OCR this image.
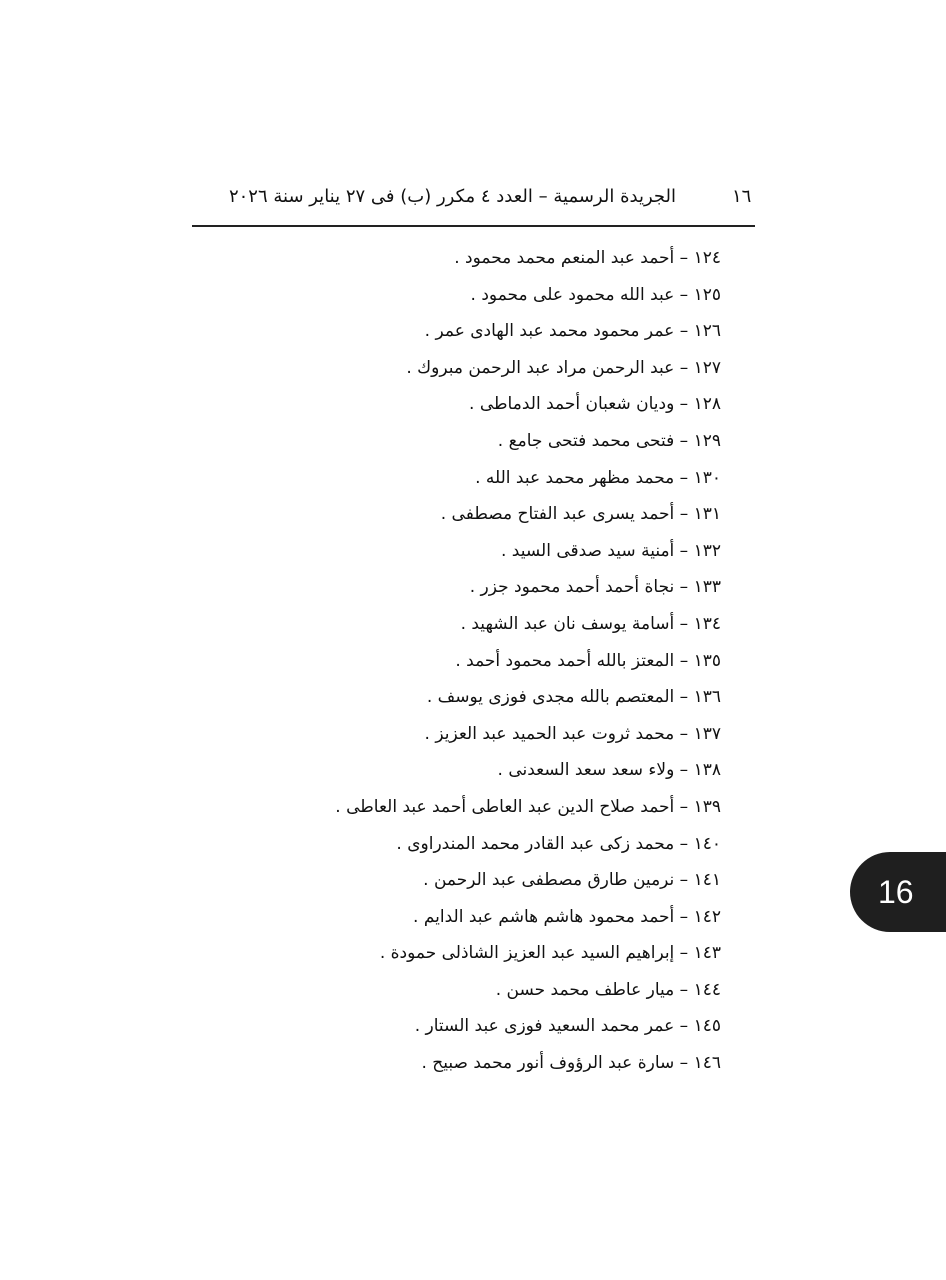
الجريدة الرسمية – العدد ٤ مكرر (ب) فى ٢٧ يناير سنة ٢٠٢٦	١٦
١٢٤ – أحمد عبد المنعم محمد محمود .
١٢٥ – عبد الله محمود على محمود .
١٢٦ – عمر محمود محمد عبد الهادى عمر .
١٢٧ – عبد الرحمن مراد عبد الرحمن مبروك .
١٢٨ – وديان شعبان أحمد الدماطى .
١٢٩ – فتحى محمد فتحى جامع .
١٣٠ – محمد مظهر محمد عبد الله .
١٣١ – أحمد يسرى عبد الفتاح مصطفى .
١٣٢ – أمنية سيد صدقى السيد .
١٣٣ – نجاة أحمد أحمد محمود جزر .
١٣٤ – أسامة يوسف نان عبد الشهيد .
١٣٥ – المعتز بالله أحمد محمود أحمد .
١٣٦ – المعتصم بالله مجدى فوزى يوسف .
١٣٧ – محمد ثروت عبد الحميد عبد العزيز .
١٣٨ – ولاء سعد سعد السعدنى .
١٣٩ – أحمد صلاح الدين عبد العاطى أحمد عبد العاطى .
١٤٠ – محمد زكى عبد القادر محمد المندراوى .
١٤١ – نرمين طارق مصطفى عبد الرحمن .
١٤٢ – أحمد محمود هاشم هاشم عبد الدايم .
١٤٣ – إبراهيم السيد عبد العزيز الشاذلى حمودة .
١٤٤ – ميار عاطف محمد حسن .
١٤٥ – عمر محمد السعيد فوزى عبد الستار .
١٤٦ – سارة عبد الرؤوف أنور محمد صبيح .
16
